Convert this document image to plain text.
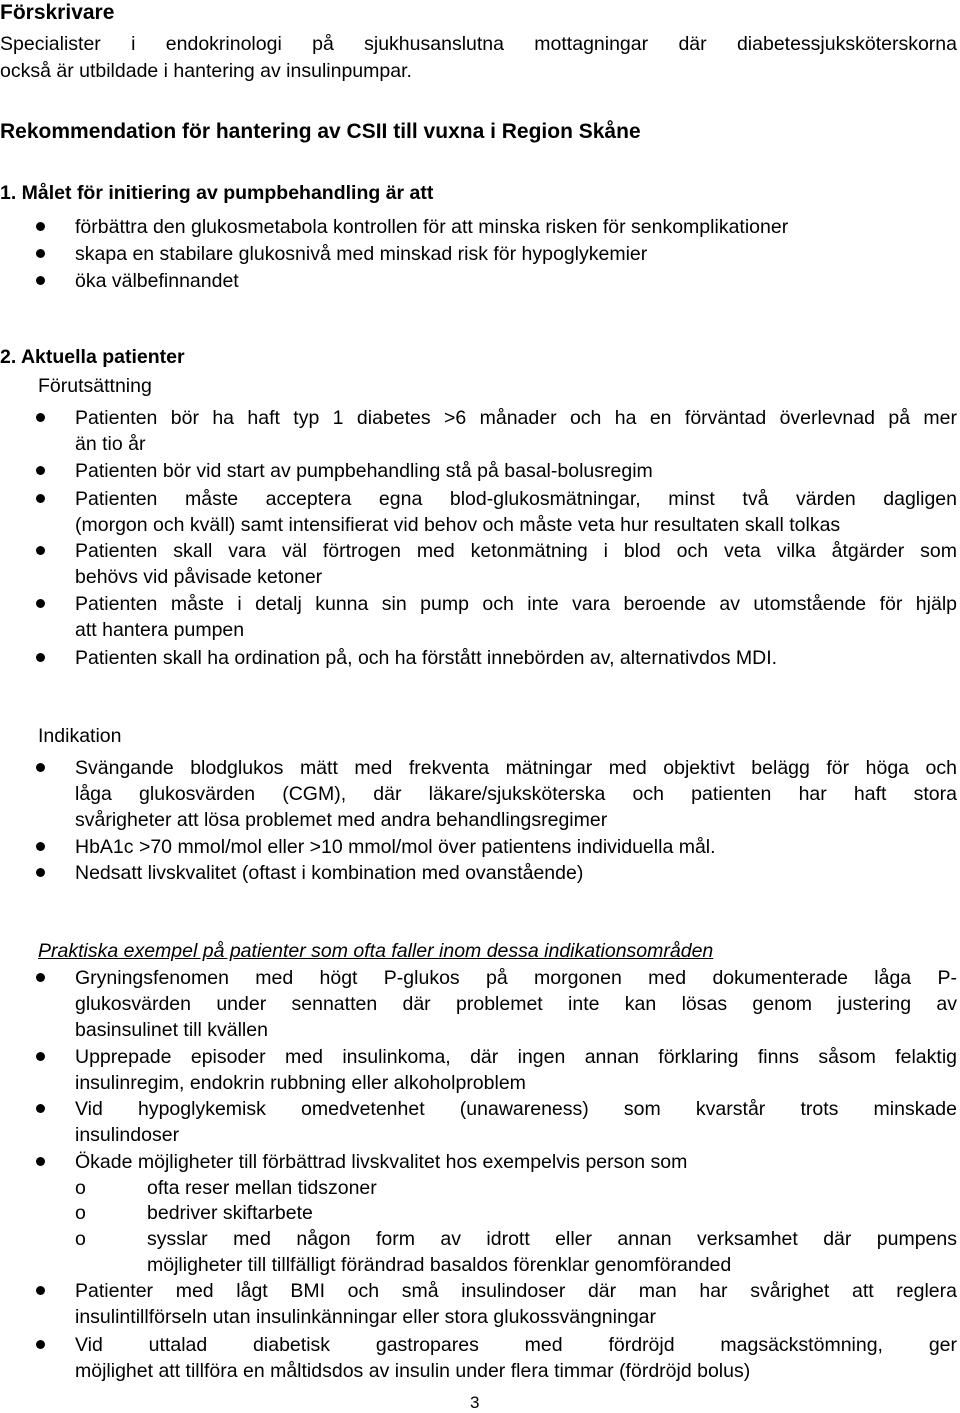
Förskrivare
Specialister i endokrinologi på sjukhusanslutna mottagningar där diabetessjuksköterskorna
också är utbildade i hantering av insulinpumpar.
Rekommendation för hantering av CSII till vuxna i Region Skåne
1. Målet för initiering av pumpbehandling är att
förbättra den glukosmetabola kontrollen för att minska risken för senkomplikationer
skapa en stabilare glukosnivå med minskad risk för hypoglykemier
öka välbefinnandet
2. Aktuella patienter
Förutsättning
Patienten bör ha haft typ 1 diabetes >6 månader och ha en förväntad överlevnad på mer
än tio år
Patienten bör vid start av pumpbehandling stå på basal-bolusregim
Patienten måste acceptera egna blod-glukosmätningar, minst två värden dagligen
(morgon och kväll) samt intensifierat vid behov och måste veta hur resultaten skall tolkas
Patienten skall vara väl förtrogen med ketonmätning i blod och veta vilka åtgärder som
behövs vid påvisade ketoner
Patienten måste i detalj kunna sin pump och inte vara beroende av utomstående för hjälp
att hantera pumpen
Patienten skall ha ordination på, och ha förstått innebörden av, alternativdos MDI.
Indikation
Svängande blodglukos mätt med frekventa mätningar med objektivt belägg för höga och
låga glukosvärden (CGM), där läkare/sjuksköterska och patienten har haft stora
svårigheter att lösa problemet med andra behandlingsregimer
HbA1c >70 mmol/mol eller >10 mmol/mol över patientens individuella mål.
Nedsatt livskvalitet (oftast i kombination med ovanstående)
Praktiska exempel på patienter som ofta faller inom dessa indikationsområden
Gryningsfenomen med högt P-glukos på morgonen med dokumenterade låga P-
glukosvärden under sennatten där problemet inte kan lösas genom justering av
basinsulinet till kvällen
Upprepade episoder med insulinkoma, där ingen annan förklaring finns såsom felaktig
insulinregim, endokrin rubbning eller alkoholproblem
Vid hypoglykemisk omedvetenhet (unawareness) som kvarstår trots minskade
insulindoser
Ökade möjligheter till förbättrad livskvalitet hos exempelvis person som
o	ofta reser mellan tidszoner
o	bedriver skiftarbete
o	sysslar med någon form av idrott eller annan verksamhet där pumpens
möjligheter till tillfälligt förändrad basaldos förenklar genomföranded
Patienter med lågt BMI och små insulindoser där man har svårighet att reglera
insulintillförseln utan insulinkänningar eller stora glukossvängningar
Vid uttalad diabetisk gastropares med fördröjd magsäckstömning, ger
möjlighet att tillföra en måltidsdos av insulin under flera timmar (fördröjd bolus)
3
